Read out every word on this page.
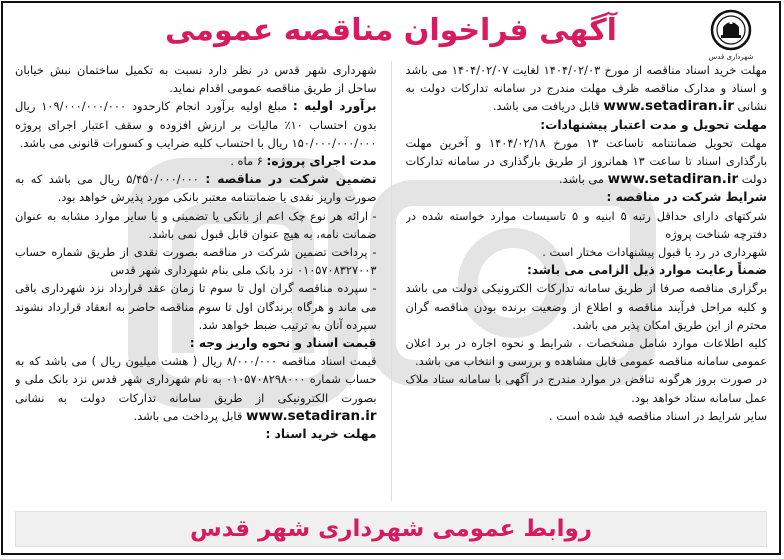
آگهی فراخوان مناقصه عمومی
شهرداری قدس

شهرداری شهر قدس در نظر دارد نسبت به تکمیل ساختمان نبش خیابان ساحل از طریق مناقصه عمومی اقدام نماید.

برآورد اولیه : مبلغ اولیه برآورد انجام کارحدود ۱۰۹/۰۰۰/۰۰۰/۰۰۰ ریال بدون احتساب ۱۰٪ مالیات بر ارزش افزوده و سقف اعتبار اجرای پروژه ۱۵۰/۰۰۰/۰۰۰/۰۰۰ ریال با احتساب کلیه ضرایب و کسورات قانونی می باشد.

مدت اجرای پروژه: ۶ ماه .

تضمین شرکت در مناقصه : ۵/۴۵۰/۰۰۰/۰۰۰ ریال می باشد که به صورت واریز نقدی یا ضمانتنامه معتبر بانکی مورد پذیرش خواهد بود.

- ارائه هر نوع چک اعم از بانکی یا تضمینی و یا سایر موارد مشابه به عنوان ضمانت نامه، به هیچ عنوان قابل قبول نمی باشد.

- پرداخت تضمین شرکت در مناقصه بصورت نقدی از طریق شماره حساب ۰۱۰۵۷۰۸۳۲۷۰۰۳ نزد بانک ملی بنام شهرداری شهر قدس

- سپرده مناقصه گران اول تا سوم تا زمان عقد قرارداد نزد شهرداری باقی می ماند و هرگاه برندگان اول تا سوم مناقصه حاضر به انعقاد قرارداد نشوند سپرده آنان به ترتیب ضبط خواهد شد.

قیمت اسناد و نحوه واریز وجه :

قیمت اسناد مناقصه ۸/۰۰۰/۰۰۰ ریال ( هشت میلیون ریال ) می باشد که به حساب شماره ۰۱۰۵۷۰۸۲۹۸۰۰۰ به نام شهرداری شهر قدس نزد بانک ملی و بصورت الکترونیکی از طریق سامانه تدارکات دولت به نشانی www.setadiran.ir قابل پرداخت می باشد.

مهلت خرید اسناد :

مهلت خرید اسناد مناقصه از مورخ ۱۴۰۴/۰۲/۰۳ لغایت ۱۴۰۴/۰۲/۰۷ می باشد و اسناد و مدارک مناقصه ظرف مهلت مندرج در سامانه تدارکات دولت به نشانی www.setadiran.ir قابل دریافت می باشد.

مهلت تحویل و مدت اعتبار پیشنهادات:

مهلت تحویل ضمانتنامه تاساعت ۱۳ مورخ ۱۴۰۴/۰۲/۱۸ و آخرین مهلت بارگذاری اسناد تا ساعت ۱۳ همانروز از طریق بارگذاری در سامانه تدارکات دولت www.setadiran.ir می باشد.

شرایط شرکت در مناقصه :

شرکتهای دارای حداقل رتبه ۵ ابنیه و ۵ تاسیسات موارد خواسته شده در دفترچه شناخت پروژه

شهرداری در رد یا قبول پیشنهادات مختار است .

ضمناً رعایت موارد ذیل الزامی می باشد:

برگزاری مناقصه صرفا از طریق سامانه تدارکات الکترونیکی دولت می باشد و کلیه مراحل فرآیند مناقصه و اطلاع از وضعیت برنده بودن مناقصه گران محترم از این طریق امکان پذیر می باشد.

کلیه اطلاعات موارد شامل مشخصات ، شرایط و نحوه اجاره در برد اعلان عمومی سامانه مناقصه عمومی قابل مشاهده و بررسی و انتخاب می باشد.

در صورت بروز هرگونه تناقض در موارد مندرج در آگهی با سامانه ستاد ملاک عمل سامانه ستاد خواهد بود.

سایر شرایط در اسناد مناقصه قید شده است .

روابط عمومی شهرداری شهر قدس
